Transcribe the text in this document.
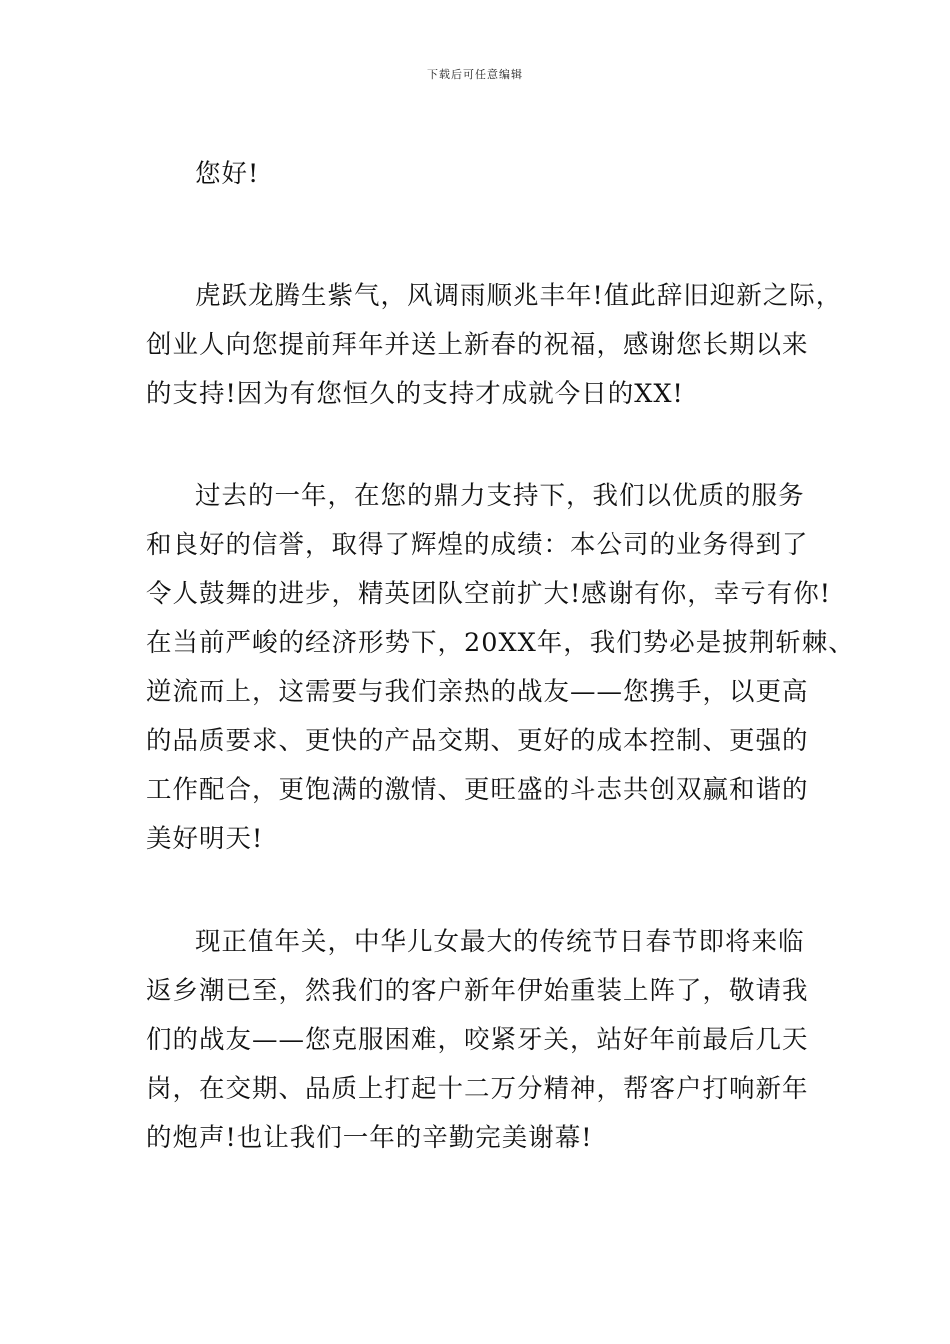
下载后可任意编辑
您好!
虎跃龙腾生紫气，风调雨顺兆丰年!值此辞旧迎新之际，
创业人向您提前拜年并送上新春的祝福，感谢您长期以来
的支持!因为有您恒久的支持才成就今日的XX!
过去的一年，在您的鼎力支持下，我们以优质的服务
和良好的信誉，取得了辉煌的成绩：本公司的业务得到了
令人鼓舞的进步，精英团队空前扩大!感谢有你，幸亏有你!
在当前严峻的经济形势下，20XX年，我们势必是披荆斩棘、
逆流而上，这需要与我们亲热的战友——您携手，以更高
的品质要求、更快的产品交期、更好的成本控制、更强的
工作配合，更饱满的激情、更旺盛的斗志共创双赢和谐的
美好明天!
现正值年关，中华儿女最大的传统节日春节即将来临
返乡潮已至，然我们的客户新年伊始重装上阵了，敬请我
们的战友——您克服困难，咬紧牙关，站好年前最后几天
岗，在交期、品质上打起十二万分精神，帮客户打响新年
的炮声!也让我们一年的辛勤完美谢幕!
